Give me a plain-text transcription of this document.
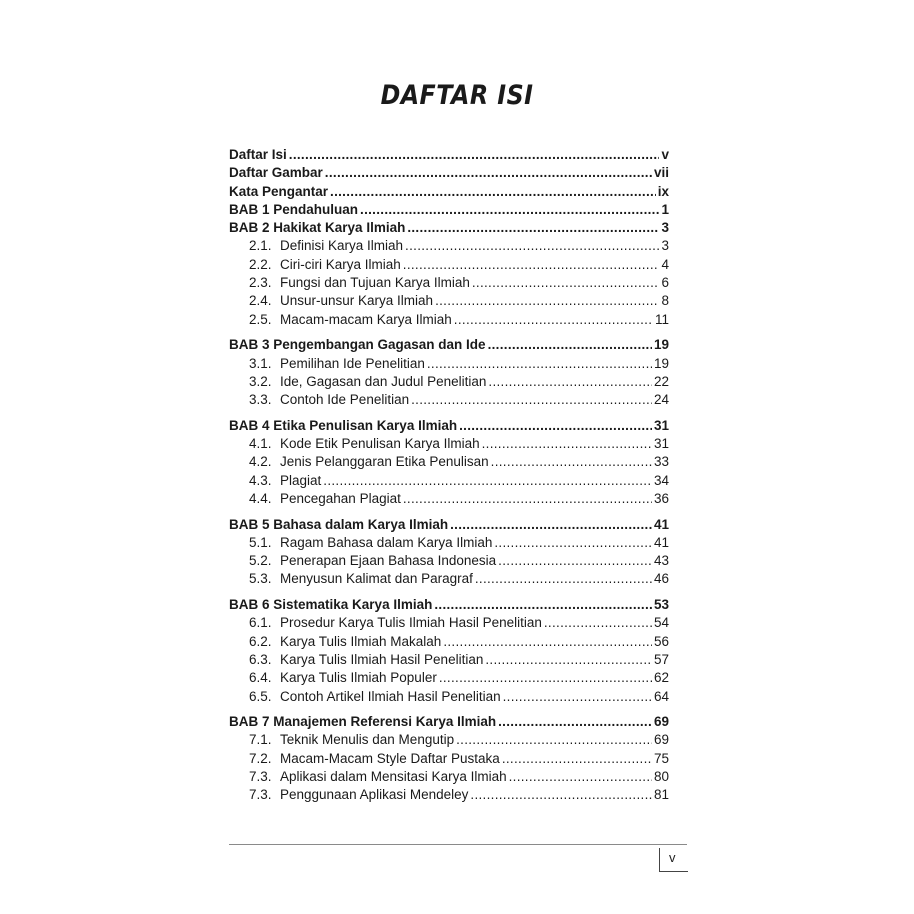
DAFTAR ISI
Daftar Isi .....	v
Daftar Gambar .....	vii
Kata Pengantar .....	ix
BAB 1 Pendahuluan .....	1
BAB 2 Hakikat Karya Ilmiah .....	3
2.1. Definisi Karya Ilmiah .....	3
2.2. Ciri-ciri Karya Ilmiah .....	4
2.3. Fungsi dan Tujuan Karya Ilmiah .....	6
2.4. Unsur-unsur Karya Ilmiah .....	8
2.5. Macam-macam Karya Ilmiah .....	11
BAB 3 Pengembangan Gagasan dan Ide .....	19
3.1. Pemilihan Ide Penelitian .....	19
3.2. Ide, Gagasan dan Judul Penelitian .....	22
3.3. Contoh Ide Penelitian .....	24
BAB 4 Etika Penulisan Karya Ilmiah .....	31
4.1. Kode Etik Penulisan Karya Ilmiah .....	31
4.2. Jenis Pelanggaran Etika Penulisan .....	33
4.3. Plagiat .....	34
4.4. Pencegahan Plagiat .....	36
BAB 5 Bahasa dalam Karya Ilmiah .....	41
5.1. Ragam Bahasa dalam Karya Ilmiah .....	41
5.2. Penerapan Ejaan Bahasa Indonesia .....	43
5.3. Menyusun Kalimat dan Paragraf .....	46
BAB 6 Sistematika Karya Ilmiah .....	53
6.1. Prosedur Karya Tulis Ilmiah Hasil Penelitian .....	54
6.2. Karya Tulis Ilmiah Makalah .....	56
6.3. Karya Tulis Ilmiah Hasil Penelitian .....	57
6.4. Karya Tulis Ilmiah Populer .....	62
6.5. Contoh Artikel Ilmiah Hasil Penelitian .....	64
BAB 7 Manajemen Referensi Karya Ilmiah .....	69
7.1. Teknik Menulis dan Mengutip .....	69
7.2. Macam-Macam Style Daftar Pustaka .....	75
7.3. Aplikasi dalam Mensitasi Karya Ilmiah .....	80
7.3. Penggunaan Aplikasi Mendeley .....	81
v
